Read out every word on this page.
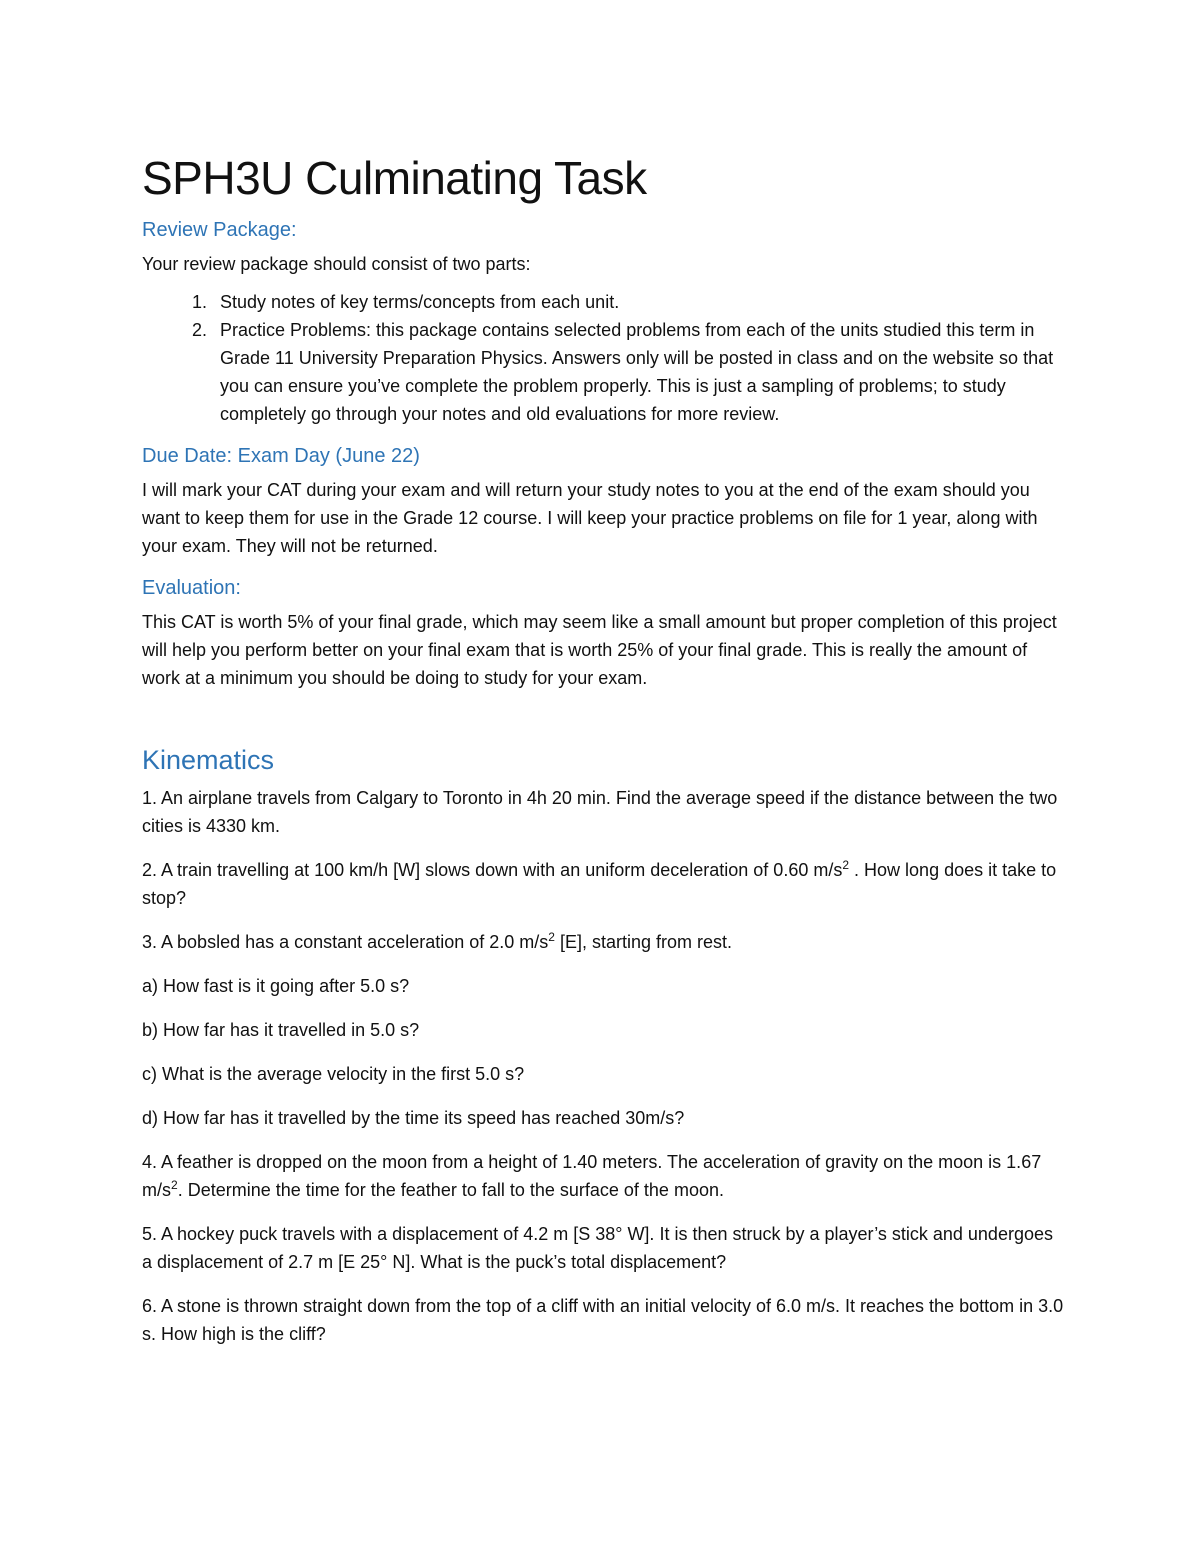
SPH3U Culminating Task
Review Package:

Your review package should consist of two parts:

1. Study notes of key terms/concepts from each unit.
2. Practice Problems: this package contains selected problems from each of the units studied this term in Grade 11 University Preparation Physics. Answers only will be posted in class and on the website so that you can ensure you’ve complete the problem properly. This is just a sampling of problems; to study completely go through your notes and old evaluations for more review.
Due Date: Exam Day (June 22)

I will mark your CAT during your exam and will return your study notes to you at the end of the exam should you want to keep them for use in the Grade 12 course. I will keep your practice problems on file for 1 year, along with your exam. They will not be returned.

Evaluation:

This CAT is worth 5% of your final grade, which may seem like a small amount but proper completion of this project will help you perform better on your final exam that is worth 25% of your final grade. This is really the amount of work at a minimum you should be doing to study for your exam.

Kinematics

1. An airplane travels from Calgary to Toronto in 4h 20 min. Find the average speed if the distance between the two cities is 4330 km.

2. A train travelling at 100 km/h [W] slows down with an uniform deceleration of 0.60 $m/s^2$ . How long does it take to stop?

3. A bobsled has a constant acceleration of 2.0 $m/s^2$ [E], starting from rest.

a) How fast is it going after 5.0 s?

b) How far has it travelled in 5.0 s?

c) What is the average velocity in the first 5.0 s?

d) How far has it travelled by the time its speed has reached 30m/s?

4. A feather is dropped on the moon from a height of 1.40 meters. The acceleration of gravity on the moon is 1.67 $m/s^2$. Determine the time for the feather to fall to the surface of the moon.

5. A hockey puck travels with a displacement of 4.2 m [S 38° W]. It is then struck by a player’s stick and undergoes a displacement of 2.7 m [E 25° N]. What is the puck’s total displacement?

6. A stone is thrown straight down from the top of a cliff with an initial velocity of 6.0 m/s. It reaches the bottom in 3.0 s. How high is the cliff?
